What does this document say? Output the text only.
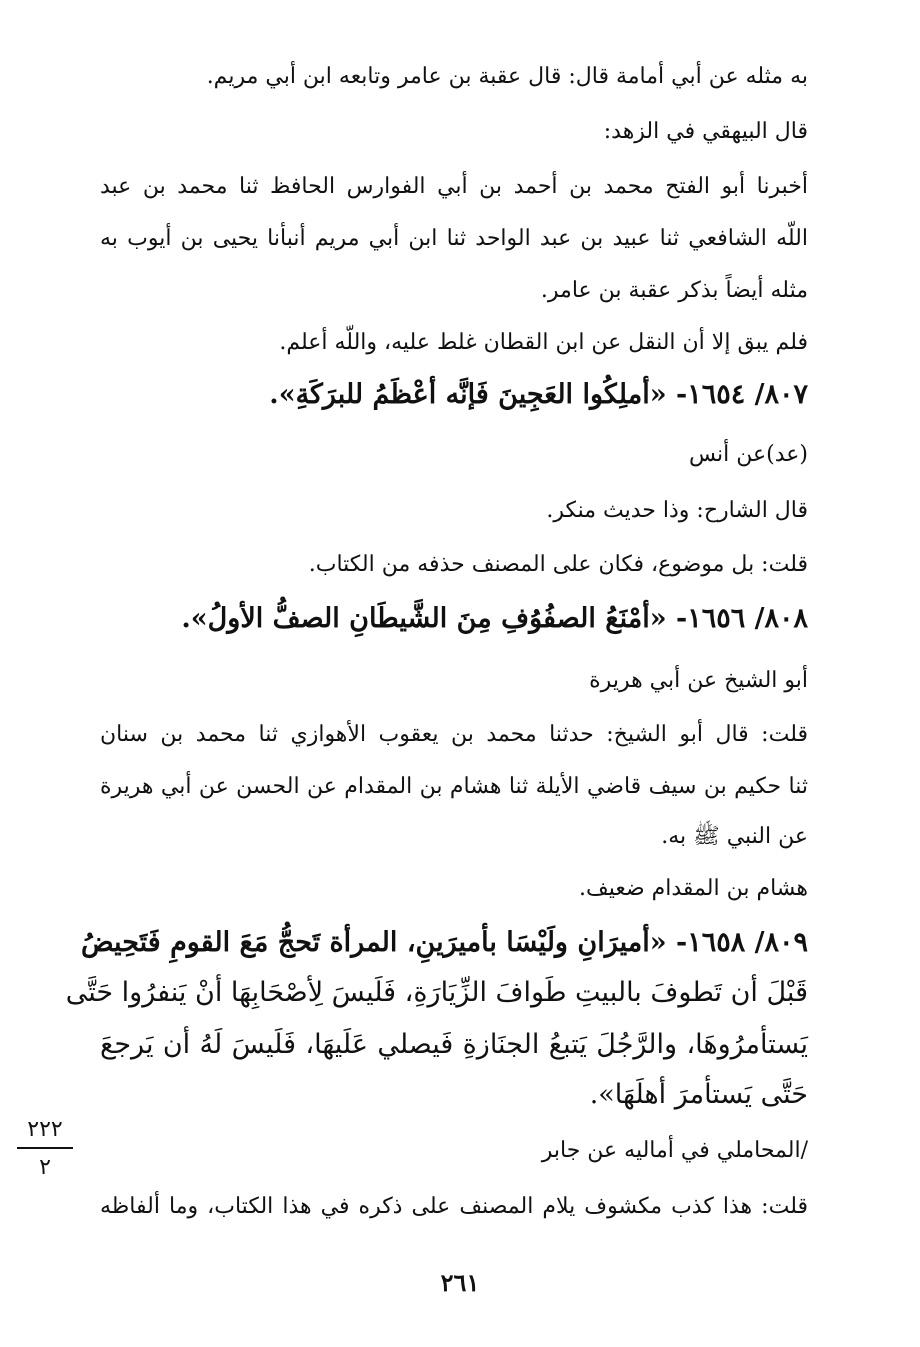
به مثله عن أبي أمامة قال: قال عقبة بن عامر وتابعه ابن أبي مريم.
قال البيهقي في الزهد:
أخبرنا أبو الفتح محمد بن أحمد بن أبي الفوارس الحافظ ثنا محمد بن عبد
اللّه الشافعي ثنا عبيد بن عبد الواحد ثنا ابن أبي مريم أنبأنا يحيى بن أيوب به
مثله أيضاً بذكر عقبة بن عامر.
فلم يبق إلا أن النقل عن ابن القطان غلط عليه، واللّه أعلم.
٨٠٧/ ١٦٥٤- «أملِكُوا العَجِينَ فَإنَّه أعْظَمُ للبرَكَةِ».
(عد)عن أنس
قال الشارح: وذا حديث منكر.
قلت: بل موضوع، فكان على المصنف حذفه من الكتاب.
٨٠٨/ ١٦٥٦- «أمْنَعُ الصفُوُفِ مِنَ الشَّيطَانِ الصفُّ الأولُ».
أبو الشيخ عن أبي هريرة
قلت: قال أبو الشيخ: حدثنا محمد بن يعقوب الأهوازي ثنا محمد بن سنان
ثنا حكيم بن سيف قاضي الأيلة ثنا هشام بن المقدام عن الحسن عن أبي هريرة
عن النبي ﷺ به.
هشام بن المقدام ضعيف.
٨٠٩/ ١٦٥٨- «أميرَانِ ولَيْسَا بأميرَينِ، المرأة تَحجُّ مَعَ القومِ فَتَحِيضُ
قَبْلَ أن تَطوفَ بالبيتِ طَوافَ الزِّيَارَةِ، فَلَيسَ لِأصْحَابِهَا أنْ يَنفرُوا حَتَّى
يَستأمرُوهَا، والرَّجُلَ يَتبعُ الجنَازةِ فَيصلي عَلَيهَا، فَلَيسَ لَهُ أن يَرجعَ
حَتَّى يَستأمرَ أهلَهَا».
/المحاملي في أماليه عن جابر
قلت: هذا كذب مكشوف يلام المصنف على ذكره في هذا الكتاب، وما ألفاظه
٢٢٢
٢
٢٦١
